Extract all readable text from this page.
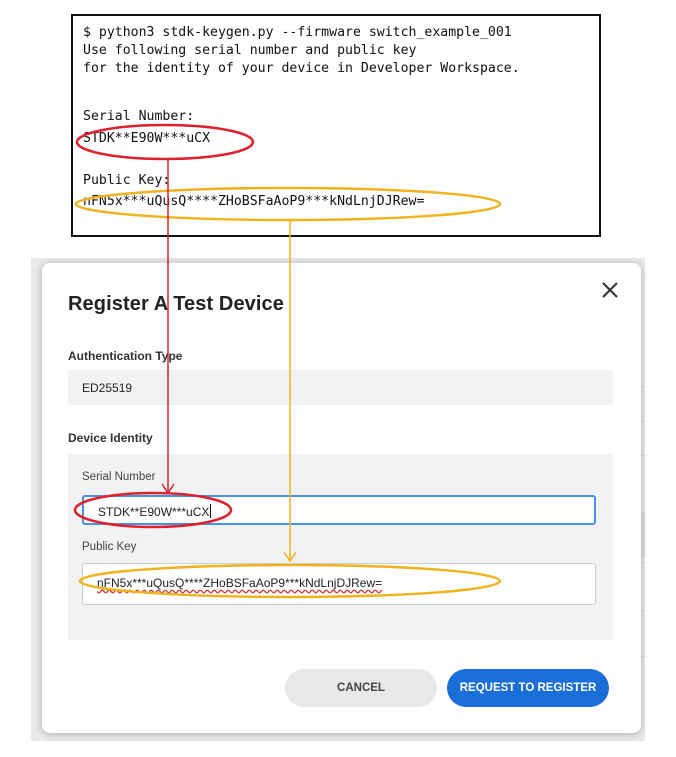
$ python3 stdk-keygen.py --firmware switch_example_001
Use following serial number and public key
for the identity of your device in Developer Workspace.
Serial Number:
STDK**E90W***uCX
Public Key:
nFN5x***uQusQ****ZHoBSFaAoP9***kNdLnjDJRew=
Register A Test Device
Authentication Type
ED25519
Device Identity
Serial Number
STDK**E90W***uCX
Public Key
nFN5x***uQusQ****ZHoBSFaAoP9***kNdLnjDJRew=
CANCEL	REQUEST TO REGISTER
